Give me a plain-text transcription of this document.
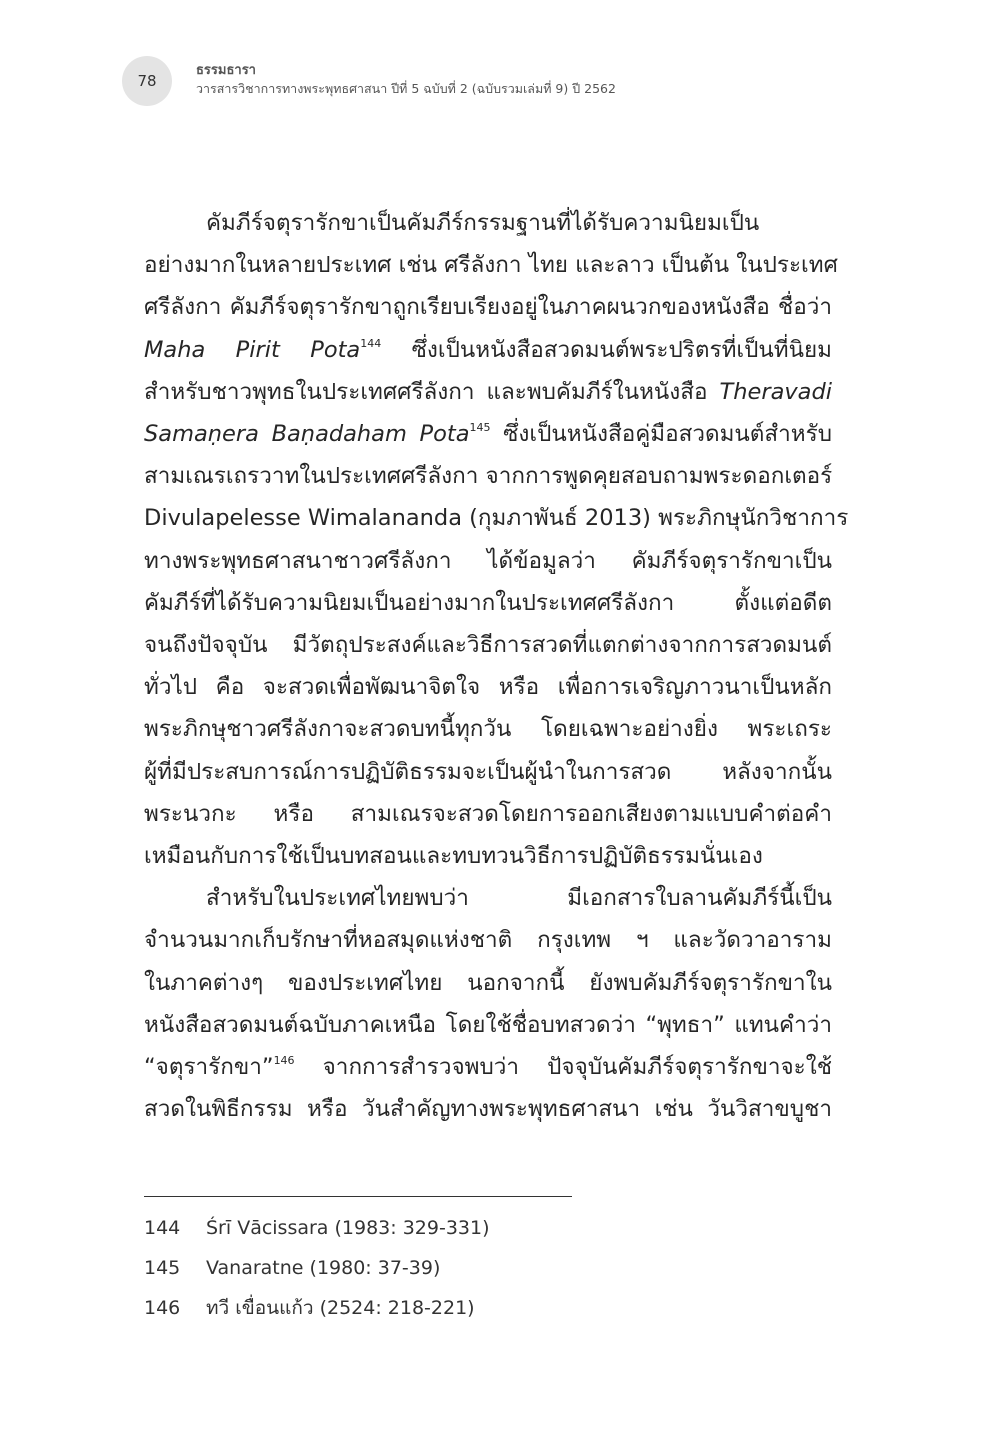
78
ธรรมธารา
วารสารวิชาการทางพระพุทธศาสนา ปีที่ 5 ฉบับที่ 2 (ฉบับรวมเล่มที่ 9) ปี 2562
คัมภีร์จตุรารักขาเป็นคัมภีร์กรรมฐานที่ได้รับความนิยมเป็น
อย่างมากในหลายประเทศ เช่น ศรีลังกา ไทย และลาว เป็นต้น ในประเทศ
ศรีลังกา คัมภีร์จตุรารักขาถูกเรียบเรียงอยู่ในภาคผนวกของหนังสือ ชื่อว่า
Maha Pirit Pota$^{144}$ ซึ่งเป็นหนังสือสวดมนต์พระปริตรที่เป็นที่นิยม
สำหรับชาวพุทธในประเทศศรีลังกา และพบคัมภีร์ในหนังสือ Theravadi
Samaṇera Baṇadaham Pota$^{145}$ ซึ่งเป็นหนังสือคู่มือสวดมนต์สำหรับ
สามเณรเถรวาทในประเทศศรีลังกา จากการพูดคุยสอบถามพระดอกเตอร์
Divulapelesse Wimalananda (กุมภาพันธ์ 2013) พระภิกษุนักวิชาการ
ทางพระพุทธศาสนาชาวศรีลังกา ได้ข้อมูลว่า คัมภีร์จตุรารักขาเป็น
คัมภีร์ที่ได้รับความนิยมเป็นอย่างมากในประเทศศรีลังกา ตั้งแต่อดีต
จนถึงปัจจุบัน มีวัตถุประสงค์และวิธีการสวดที่แตกต่างจากการสวดมนต์
ทั่วไป คือ จะสวดเพื่อพัฒนาจิตใจ หรือ เพื่อการเจริญภาวนาเป็นหลัก
พระภิกษุชาวศรีลังกาจะสวดบทนี้ทุกวัน โดยเฉพาะอย่างยิ่ง พระเถระ
ผู้ที่มีประสบการณ์การปฏิบัติธรรมจะเป็นผู้นำในการสวด หลังจากนั้น
พระนวกะ หรือ สามเณรจะสวดโดยการออกเสียงตามแบบคำต่อคำ
เหมือนกับการใช้เป็นบทสอนและทบทวนวิธีการปฏิบัติธรรมนั่นเอง
สำหรับในประเทศไทยพบว่า มีเอกสารใบลานคัมภีร์นี้เป็น
จำนวนมากเก็บรักษาที่หอสมุดแห่งชาติ กรุงเทพ ฯ และวัดวาอาราม
ในภาคต่างๆ ของประเทศไทย นอกจากนี้ ยังพบคัมภีร์จตุรารักขาใน
หนังสือสวดมนต์ฉบับภาคเหนือ โดยใช้ชื่อบทสวดว่า “พุทธา” แทนคำว่า
“จตุรารักขา”$^{146}$ จากการสำรวจพบว่า ปัจจุบันคัมภีร์จตุรารักขาจะใช้
สวดในพิธีกรรม หรือ วันสำคัญทางพระพุทธศาสนา เช่น วันวิสาขบูชา
144 Śrī Vācissara (1983: 329-331)
145 Vanaratne (1980: 37-39)
146 ทวี เขื่อนแก้ว (2524: 218-221)
